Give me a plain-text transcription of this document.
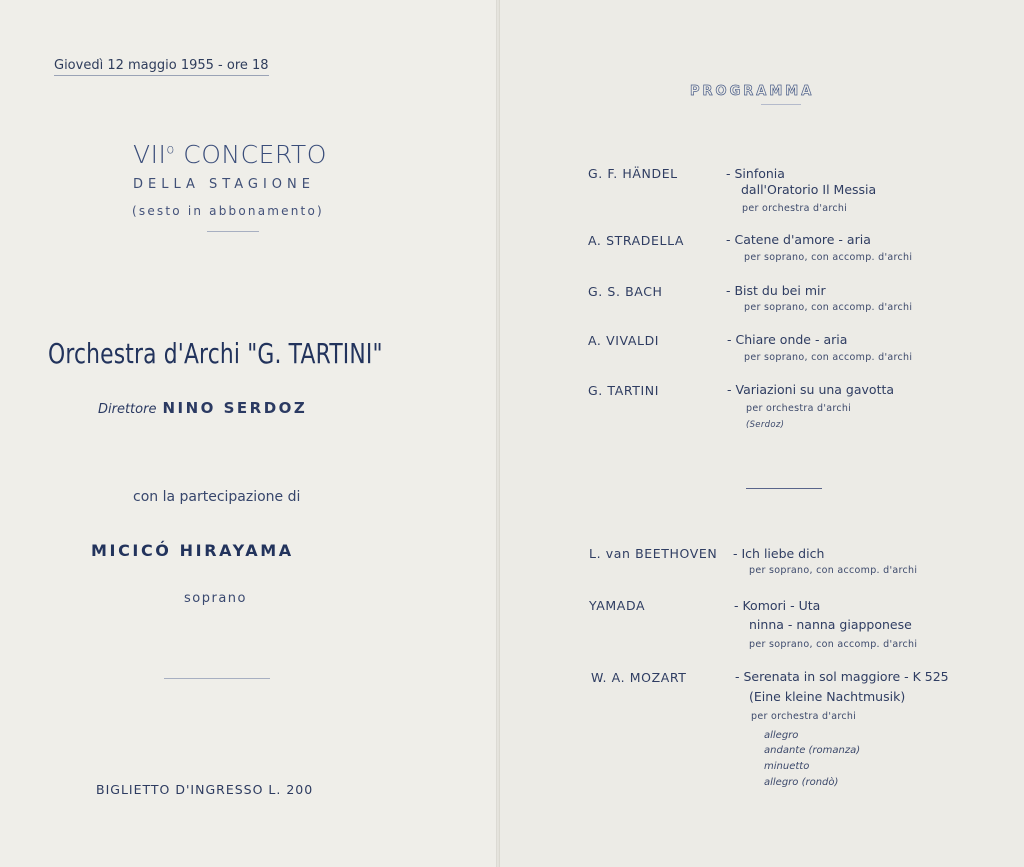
Giovedì 12 maggio 1955 - ore 18
VII$^o$ CONCERTO
DELLA STAGIONE
(sesto in abbonamento)
Orchestra d'Archi "G. TARTINI"
Direttore NINO SERDOZ
con la partecipazione di
MICICÓ HIRAYAMA
soprano
BIGLIETTO D'INGRESSO L. 200
PROGRAMMA
G. F. HÄNDEL	- Sinfonia
dall'Oratorio Il Messia
per orchestra d'archi
A. STRADELLA	- Catene d'amore - aria
per soprano, con accomp. d'archi
G. S. BACH	- Bist du bei mir
per soprano, con accomp. d'archi
A. VIVALDI	- Chiare onde - aria
per soprano, con accomp. d'archi
G. TARTINI	- Variazioni su una gavotta
per orchestra d'archi
(Serdoz)
L. van BEETHOVEN - Ich liebe dich
per soprano, con accomp. d'archi
YAMADA	- Komori - Uta
ninna - nanna giapponese
per soprano, con accomp. d'archi
W. A. MOZART	- Serenata in sol maggiore - K 525
(Eine kleine Nachtmusik)
per orchestra d'archi
allegro
andante (romanza)
minuetto
allegro (rondò)
